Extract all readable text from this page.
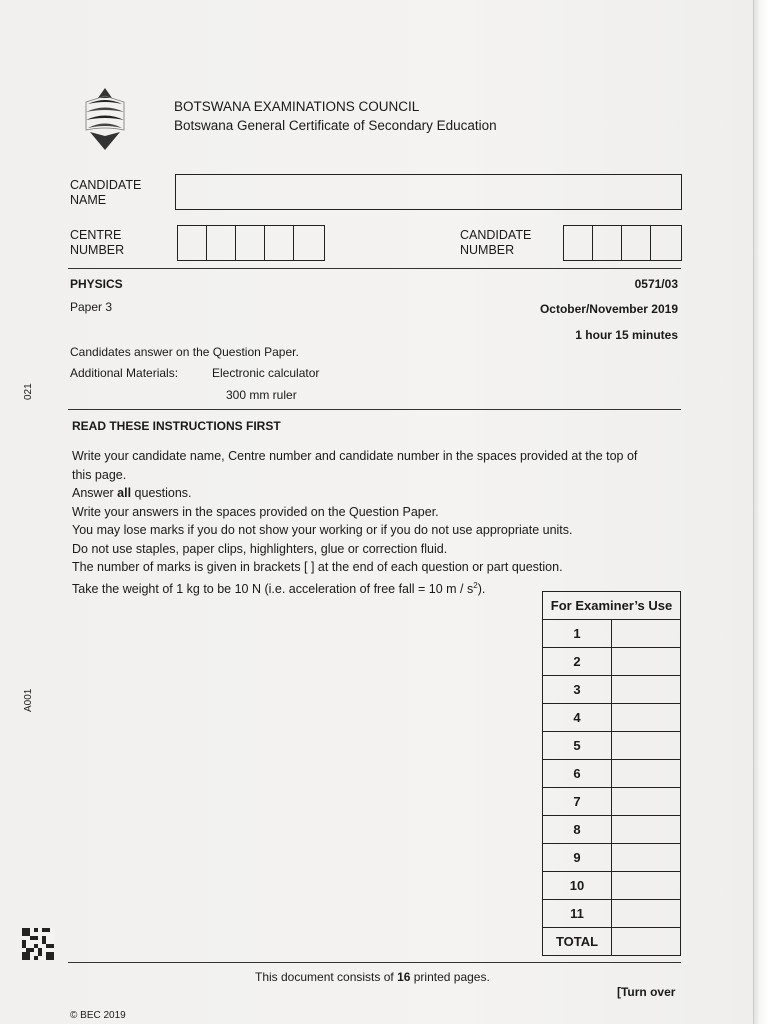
BOTSWANA EXAMINATIONS COUNCIL
Botswana General Certificate of Secondary Education
CANDIDATE
NAME
CENTRE
NUMBER
CANDIDATE
NUMBER
PHYSICS	0571/03
Paper 3	October/November 2019
1 hour 15 minutes
Candidates answer on the Question Paper.
Additional Materials:	Electronic calculator
300 mm ruler
READ THESE INSTRUCTIONS FIRST

Write your candidate name, Centre number and candidate number in the spaces provided at the top of

this page.

Answer all questions.

Write your answers in the spaces provided on the Question Paper.

You may lose marks if you do not show your working or if you do not use appropriate units.

Do not use staples, paper clips, highlighters, glue or correction fluid.

The number of marks is given in brackets [ ] at the end of each question or part question.

Take the weight of 1 kg to be 10 N (i.e. acceleration of free fall = 10 m / $s^2$).

For Examiner’s Use	
1	
2	
3	
4	
5	
6	
7	
8	
9	
10	
11	
TOTAL	
This document consists of 16 printed pages.
[Turn over
© BEC 2019
021
A001
